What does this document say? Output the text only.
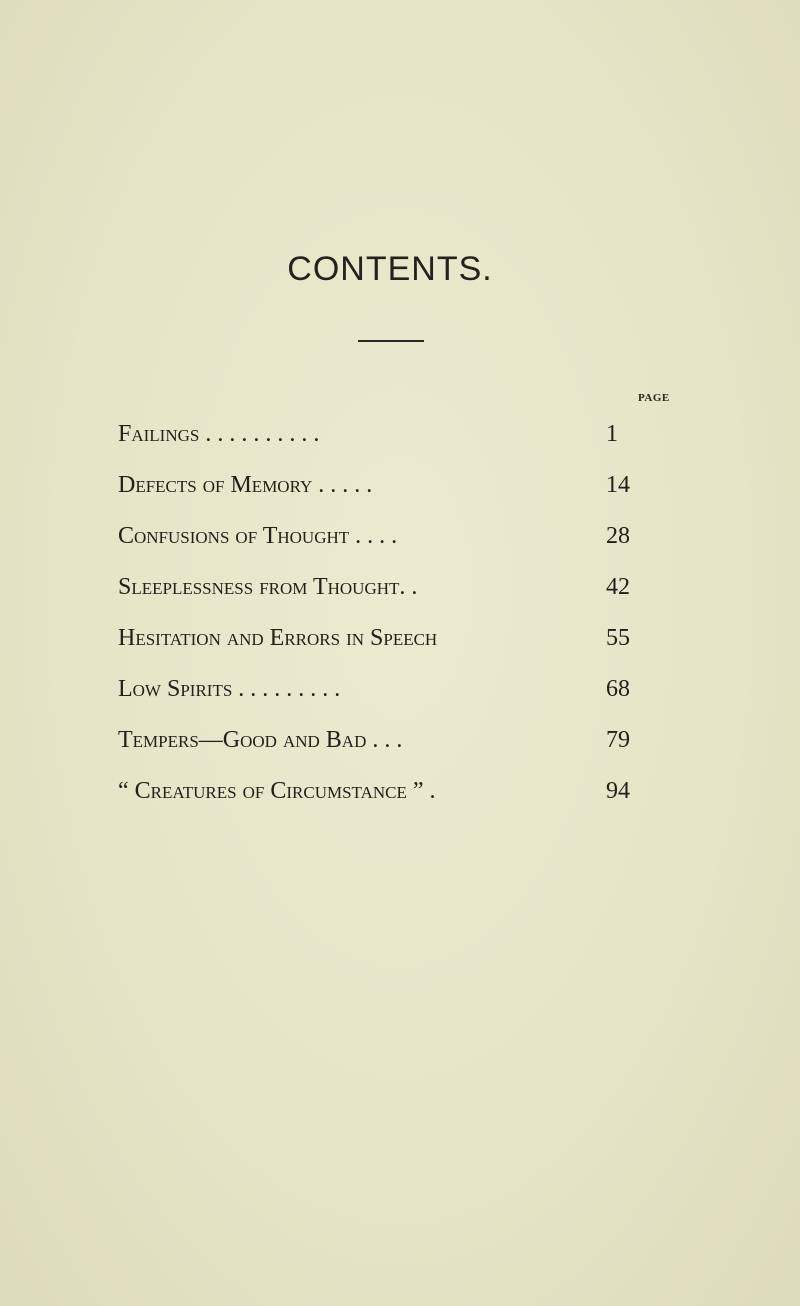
CONTENTS.
PAGE
Failings . . . . . . . . . .	1
Defects of Memory . . . . .	14
Confusions of Thought . . . .	28
Sleeplessness from Thought. .	42
Hesitation and Errors in Speech	55
Low Spirits . . . . . . . . .	68
Tempers—Good and Bad . . .	79
“ Creatures of Circumstance ” .	94
